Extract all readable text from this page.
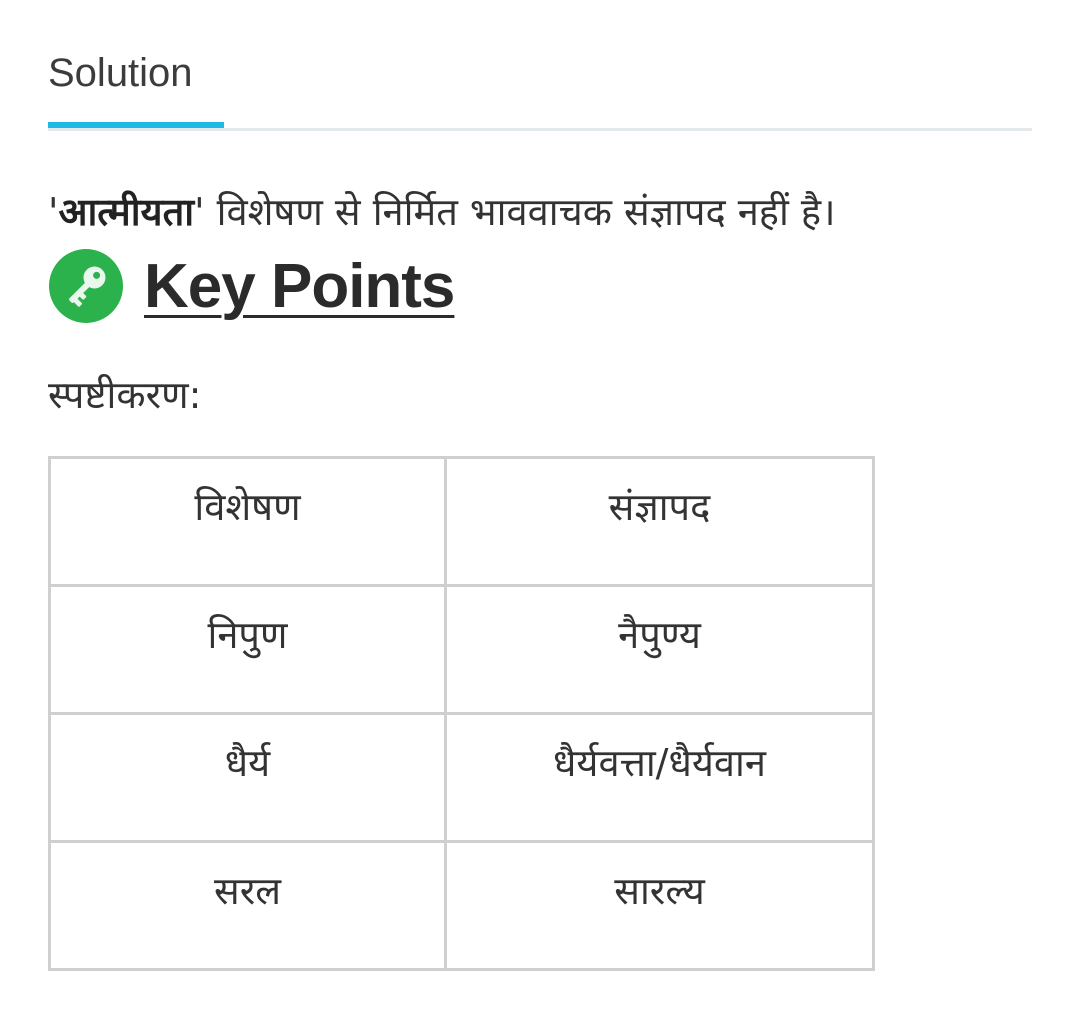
Solution
'आत्मीयता' विशेषण से निर्मित भाववाचक संज्ञापद नहीं है।
Key Points
स्पष्टीकरण:
विशेषण	संज्ञापद
निपुण	नैपुण्य
धैर्य	धैर्यवत्ता/धैर्यवान
सरल	सारल्य
